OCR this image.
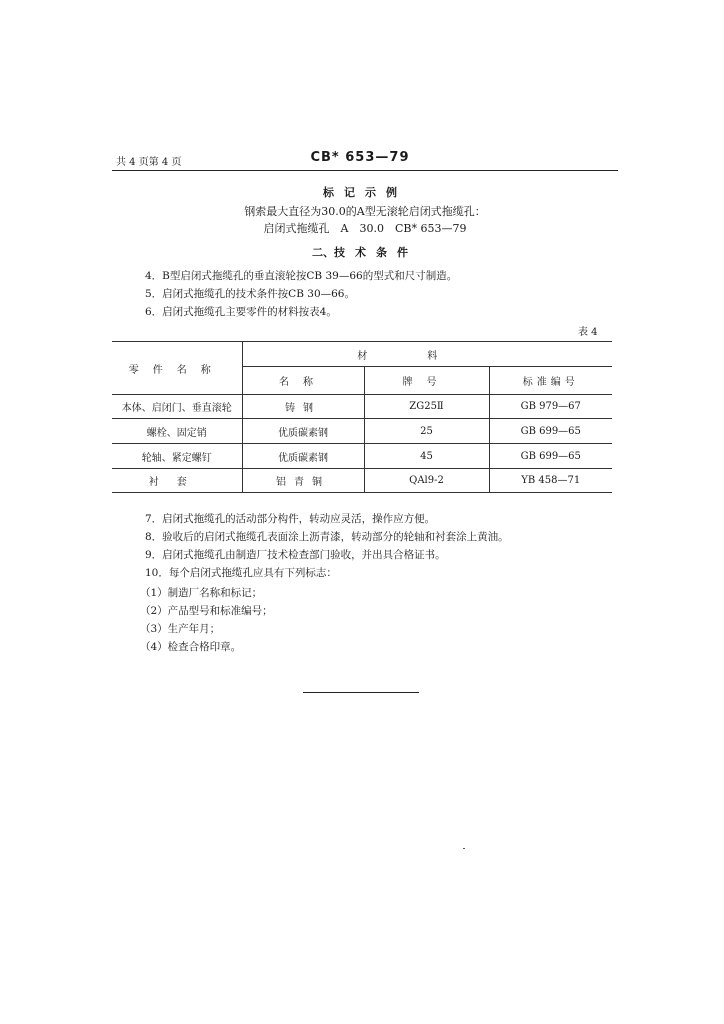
共 4 页第 4 页	CB* 653—79
标记示例
钢索最大直径为30.0的A型无滚轮启闭式拖缆孔：
启闭式拖缆孔　A　30.0　CB* 653—79
二、技术条件
4．B型启闭式拖缆孔的垂直滚轮按CB 39—66的型式和尺寸制造。
5．启闭式拖缆孔的技术条件按CB 30—66。
6．启闭式拖缆孔主要零件的材料按表4。
表 4
零件名称	材料		
	名称	牌号	标准编号
本体、启闭门、垂直滚轮	铸钢	ZG25Ⅱ	GB 979—67
螺栓、固定销	优质碳素钢	25	GB 699—65
轮轴、紧定螺钉	优质碳素钢	45	GB 699—65
衬套	铝青铜	QAl9-2	YB 458—71
7．启闭式拖缆孔的活动部分构件，转动应灵活，操作应方便。
8．验收后的启闭式拖缆孔表面涂上沥青漆，转动部分的轮轴和衬套涂上黄油。
9．启闭式拖缆孔由制造厂技术检查部门验收，并出具合格证书。
10．每个启闭式拖缆孔应具有下列标志：
（1）制造厂名称和标记；
（2）产品型号和标准编号；
（3）生产年月；
（4）检查合格印章。
